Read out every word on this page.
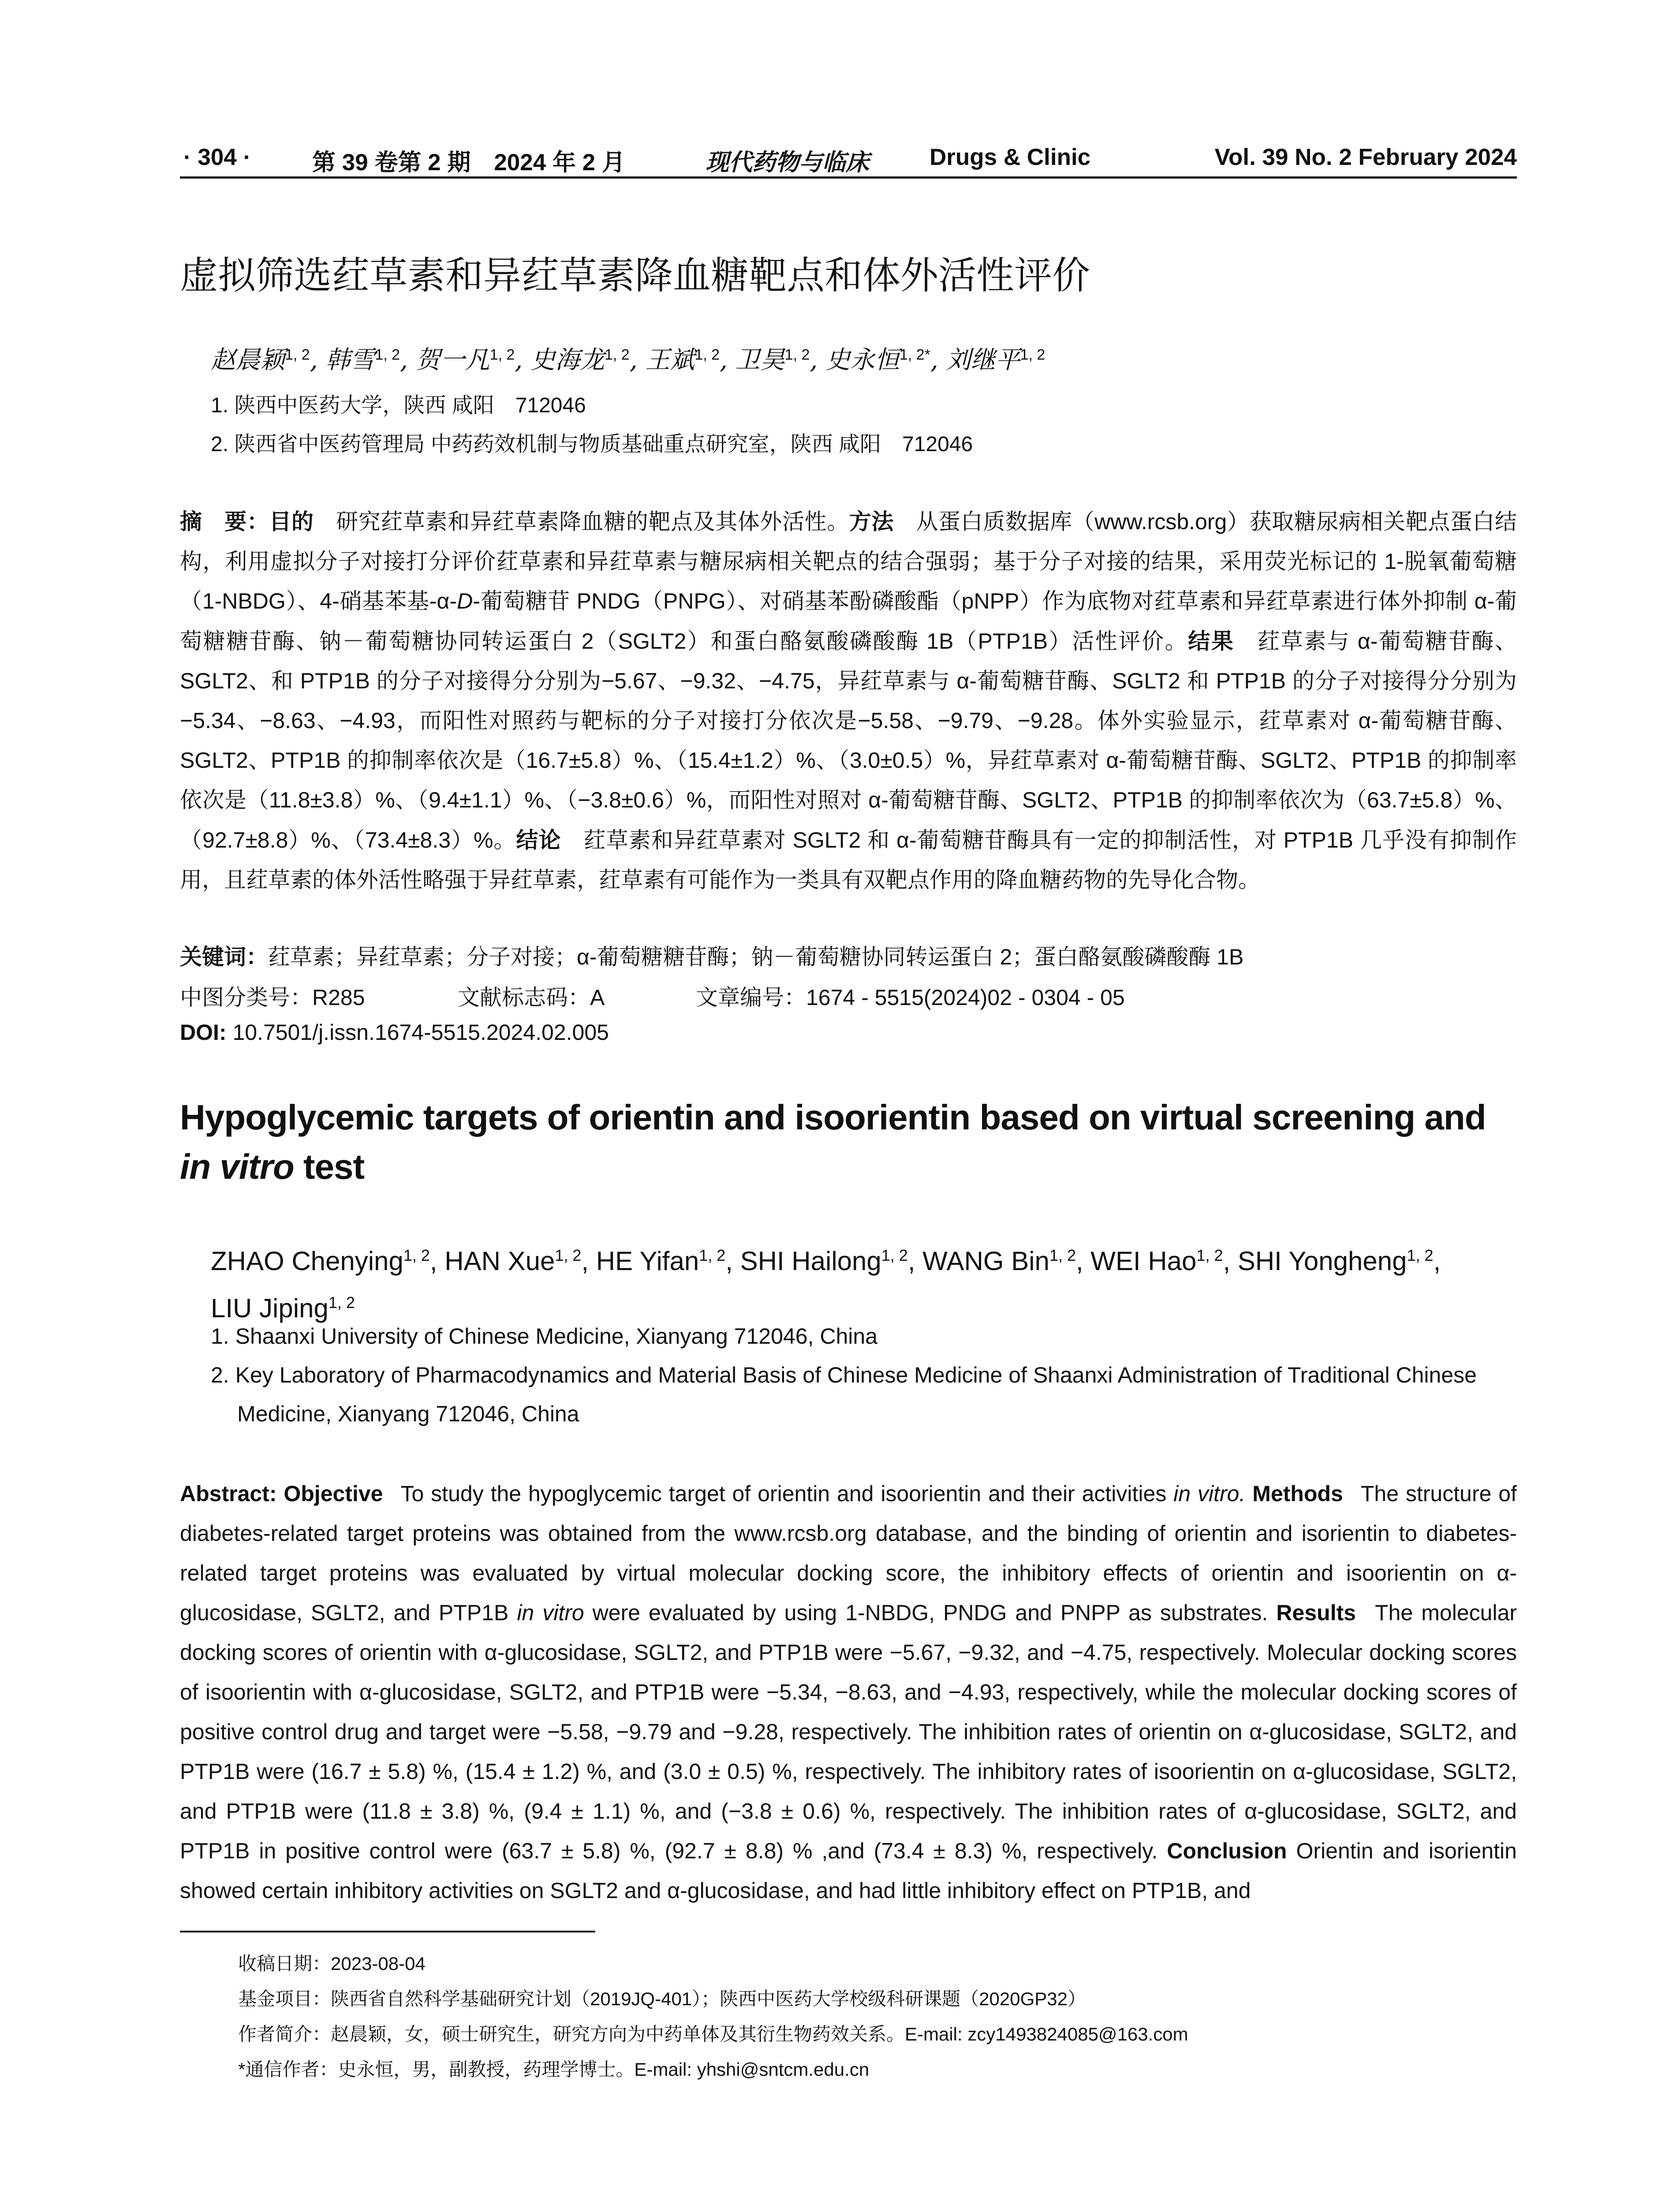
· 304 ·	第 39 卷第 2 期　2024 年 2 月	现代药物与临床	Drugs & Clinic	Vol. 39 No. 2 February 2024
虚拟筛选荭草素和异荭草素降血糖靶点和体外活性评价
赵晨颖$^{1, 2}$, 韩雪$^{1, 2}$, 贺一凡$^{1, 2}$, 史海龙$^{1, 2}$, 王斌$^{1, 2}$, 卫昊$^{1, 2}$, 史永恒$^{1, 2*}$, 刘继平$^{1, 2}$
1. 陕西中医药大学，陕西 咸阳　712046
2. 陕西省中医药管理局 中药药效机制与物质基础重点研究室，陕西 咸阳　712046

摘　要：目的  研究荭草素和异荭草素降血糖的靶点及其体外活性。方法  从蛋白质数据库（www.rcsb.org）获取糖尿病相关靶点蛋白结构，利用虚拟分子对接打分评价荭草素和异荭草素与糖尿病相关靶点的结合强弱；基于分子对接的结果，采用荧光标记的 1-脱氧葡萄糖（1-NBDG）、4-硝基苯基-α-D-葡萄糖苷 PNDG（PNPG）、对硝基苯酚磷酸酯（pNPP）作为底物对荭草素和异荭草素进行体外抑制 α-葡萄糖糖苷酶、钠－葡萄糖协同转运蛋白 2（SGLT2）和蛋白酪氨酸磷酸酶 1B（PTP1B）活性评价。结果  荭草素与 α-葡萄糖苷酶、SGLT2、和 PTP1B 的分子对接得分分别为−5.67、−9.32、−4.75，异荭草素与 α-葡萄糖苷酶、SGLT2 和 PTP1B 的分子对接得分分别为−5.34、−8.63、−4.93，而阳性对照药与靶标的分子对接打分依次是−5.58、−9.79、−9.28。体外实验显示，荭草素对 α-葡萄糖苷酶、SGLT2、PTP1B 的抑制率依次是（16.7±5.8）%、（15.4±1.2）%、（3.0±0.5）%，异荭草素对 α-葡萄糖苷酶、SGLT2、PTP1B 的抑制率依次是（11.8±3.8）%、（9.4±1.1）%、（−3.8±0.6）%，而阳性对照对 α-葡萄糖苷酶、SGLT2、PTP1B 的抑制率依次为（63.7±5.8）%、（92.7±8.8）%、（73.4±8.3）%。结论  荭草素和异荭草素对 SGLT2 和 α-葡萄糖苷酶具有一定的抑制活性，对 PTP1B 几乎没有抑制作用，且荭草素的体外活性略强于异荭草素，荭草素有可能作为一类具有双靶点作用的降血糖药物的先导化合物。

关键词：荭草素；异荭草素；分子对接；α-葡萄糖糖苷酶；钠－葡萄糖协同转运蛋白 2；蛋白酪氨酸磷酸酶 1B
中图分类号：R285	文献标志码：A	文章编号：1674 - 5515(2024)02 - 0304 - 05
DOI: 10.7501/j.issn.1674-5515.2024.02.005
Hypoglycemic targets of orientin and isoorientin based on virtual screening and in vitro test

ZHAO Chenying$^{1, 2}$, HAN Xue$^{1, 2}$, HE Yifan$^{1, 2}$, SHI Hailong$^{1, 2}$, WANG Bin$^{1, 2}$, WEI Hao$^{1, 2}$, SHI Yongheng$^{1, 2}$,
LIU Jiping$^{1, 2}$

1. Shaanxi University of Chinese Medicine, Xianyang 712046, China
2. Key Laboratory of Pharmacodynamics and Material Basis of Chinese Medicine of Shaanxi Administration of Traditional Chinese Medicine, Xianyang 712046, China

Abstract: Objective  To study the hypoglycemic target of orientin and isoorientin and their activities in vitro. Methods  The structure of diabetes-related target proteins was obtained from the www.rcsb.org database, and the binding of orientin and isorientin to diabetes-related target proteins was evaluated by virtual molecular docking score, the inhibitory effects of orientin and isoorientin on α-glucosidase, SGLT2, and PTP1B in vitro were evaluated by using 1-NBDG, PNDG and PNPP as substrates. Results  The molecular docking scores of orientin with α-glucosidase, SGLT2, and PTP1B were −5.67, −9.32, and −4.75, respectively. Molecular docking scores of isoorientin with α-glucosidase, SGLT2, and PTP1B were −5.34, −8.63, and −4.93, respectively, while the molecular docking scores of positive control drug and target were −5.58, −9.79 and −9.28, respectively. The inhibition rates of orientin on α-glucosidase, SGLT2, and PTP1B were (16.7 ± 5.8) %, (15.4 ± 1.2) %, and (3.0 ± 0.5) %, respectively. The inhibitory rates of isoorientin on α-glucosidase, SGLT2, and PTP1B were (11.8 ± 3.8) %, (9.4 ± 1.1) %, and (−3.8 ± 0.6) %, respectively. The inhibition rates of α-glucosidase, SGLT2, and PTP1B in positive control were (63.7 ± 5.8) %, (92.7 ± 8.8) % ,and (73.4 ± 8.3) %, respectively. Conclusion Orientin and isorientin showed certain inhibitory activities on SGLT2 and α-glucosidase, and had little inhibitory effect on PTP1B, and

收稿日期：2023-08-04
基金项目：陕西省自然科学基础研究计划（2019JQ-401）；陕西中医药大学校级科研课题（2020GP32）
作者简介：赵晨颖，女，硕士研究生，研究方向为中药单体及其衍生物药效关系。E-mail: zcy1493824085@163.com
*通信作者：史永恒，男，副教授，药理学博士。E-mail: yhshi@sntcm.edu.cn
